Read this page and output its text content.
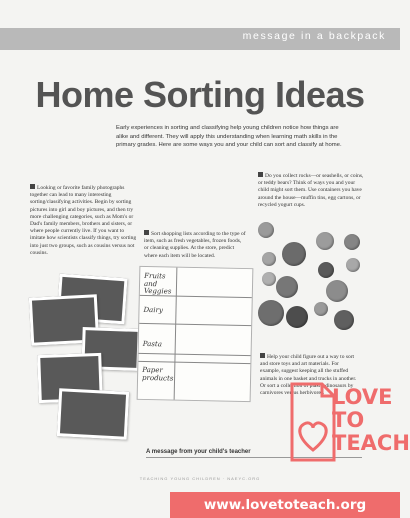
message in a backpack
Home Sorting Ideas
Early experiences in sorting and classifying help young children notice how things are alike and different. They will apply this understanding when learning math skills in the primary grades. Here are some ways you and your child can sort and classify at home.
Looking or favorite family photographs together can lead to many interesting sorting/classifying activities. Begin by sorting pictures into girl and boy pictures, and then try more challenging categories, such as Mom's or Dad's family members, brothers and sisters, or where people currently live. If you want to imitate how scientists classify things, try sorting into just two groups, such as cousins versus not cousins.
Sort shopping lists according to the type of item, such as fresh vegetables, frozen foods, or cleaning supplies. At the store, predict where each item will be located.
Do you collect rocks—or seashells, or coins, or teddy bears? Think of ways you and your child might sort them. Use containers you have around the house—muffin tins, egg cartons, or recycled yogurt cups.
Help your child figure out a way to sort and store toys and art materials. For example, suggest keeping all the stuffed animals in one basket and trucks in another. Or sort a collection of plastic dinosaurs by carnivores versus herbivores.
Fruits and Veggies
Dairy
Pasta
Paper products
A message from your child's teacher
TEACHING YOUNG CHILDREN · NAEYC.ORG
LOVE
TO
TEACH
www.lovetoteach.org
